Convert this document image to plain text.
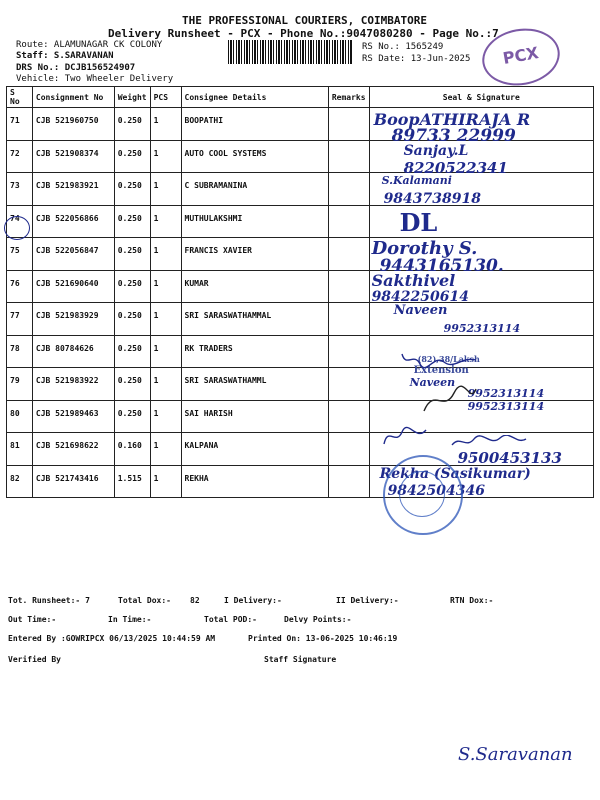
THE PROFESSIONAL COURIERS, COIMBATORE
Delivery Runsheet - PCX - Phone No.:9047080280 - Page No.:7
Route: ALAMUNAGAR CK COLONY
Staff: S.SARAVANAN
DRS No.: DCJB156524907
Vehicle: Two Wheeler Delivery
RS No.: 1565249
RS Date: 13-Jun-2025	PCX
S No	Consignment No	Weight	PCS	Consignee Details	Remarks	Seal & Signature
71	CJB 521960750	0.250	1	BOOPATHI		BoopATHIRAJA R
89733 22999

72	CJB 521908374	0.250	1	AUTO COOL SYSTEMS		Sanjay.L
8220522341

73	CJB 521983921	0.250	1	C SUBRAMANINA		S.Kalamani
9843738918

74	CJB 522056866	0.250	1	MUTHULAKSHMI		DL

75	CJB 522056847	0.250	1	FRANCIS XAVIER		Dorothy S.
9443165130.

76	CJB 521690640	0.250	1	KUMAR		Sakthivel
9842250614

77	CJB 521983929	0.250	1	SRI SARASWATHAMMAL		Naveen
9952313114

78	CJB 80784626	0.250	1	RK TRADERS		(82),38/Laksh

79	CJB 521983922	0.250	1	SRI SARASWATHAMML		Extension
Naveen
9952313114

80	CJB 521989463	0.250	1	SAI HARISH		9952313114

81	CJB 521698622	0.160	1	KALPANA		9500453133

82	CJB 521743416	1.515	1	REKHA		Rekha (Sasikumar)
9842504346
Tot. Runsheet:- 7	Total Dox:- 82	I Delivery:-	II Delivery:-	RTN Dox:-
Out Time:-	In Time:-	Total POD:-	Delvy Points:-
Entered By :GOWRIPCX 06/13/2025 10:44:59 AM	Printed On: 13-06-2025 10:46:19
Verified By	Staff Signature
S.Saravanan
